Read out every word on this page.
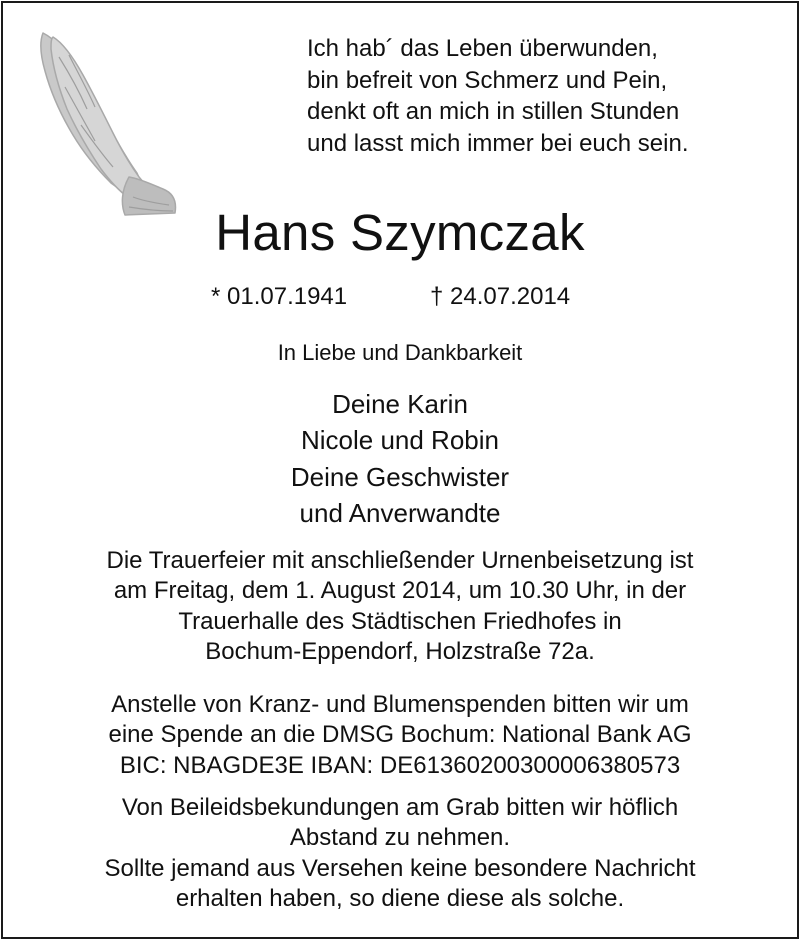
Ich hab´ das Leben überwunden,
bin befreit von Schmerz und Pein,
denkt oft an mich in stillen Stunden
und lasst mich immer bei euch sein.
Hans Szymczak
* 01.07.1941	† 24.07.2014
In Liebe und Dankbarkeit
Deine Karin
Nicole und Robin
Deine Geschwister
und Anverwandte
Die Trauerfeier mit anschließender Urnenbeisetzung ist
am Freitag, dem 1. August 2014, um 10.30 Uhr, in der
Trauerhalle des Städtischen Friedhofes in
Bochum-Eppendorf, Holzstraße 72a.
Anstelle von Kranz- und Blumenspenden bitten wir um
eine Spende an die DMSG Bochum: National Bank AG
BIC: NBAGDE3E IBAN: DE61360200300006380573
Von Beileidsbekundungen am Grab bitten wir höflich
Abstand zu nehmen.
Sollte jemand aus Versehen keine besondere Nachricht
erhalten haben, so diene diese als solche.
